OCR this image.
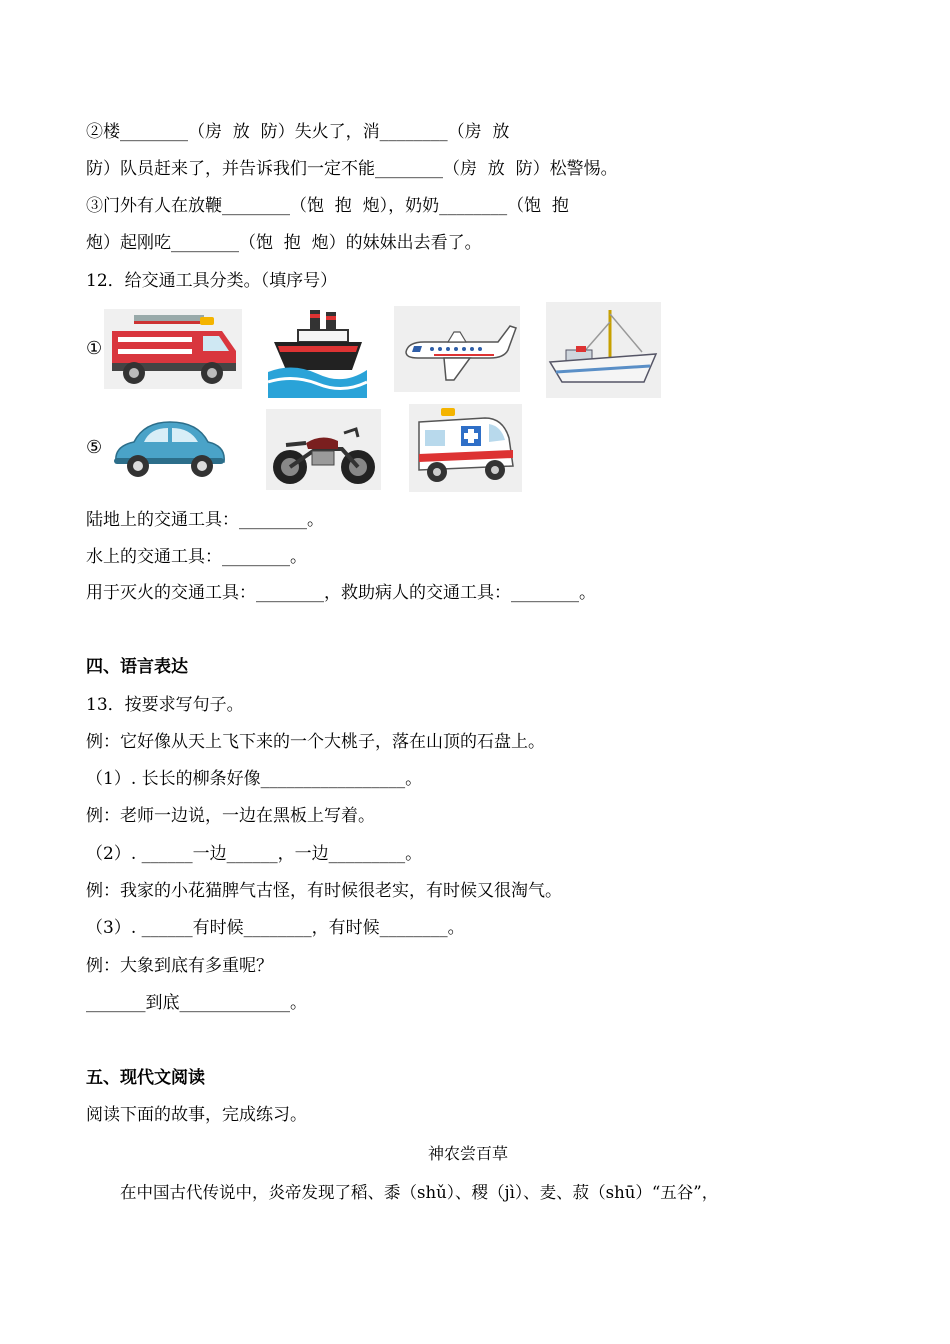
②楼________（房  放  防）失火了，消________（房  放
防）队员赶来了，并告诉我们一定不能________（房  放  防）松警惕。
③门外有人在放鞭________（饱  抱  炮），奶奶________（饱  抱
炮）起刚吃________（饱  抱  炮）的妹妹出去看了。
12．给交通工具分类。（填序号）
①
⑤
陆地上的交通工具：________。
水上的交通工具：________。
用于灭火的交通工具：________，救助病人的交通工具：________。
四、语言表达
13．按要求写句子。
例：它好像从天上飞下来的一个大桃子，落在山顶的石盘上。
（1）. 长长的柳条好像_________________。
例：老师一边说，一边在黑板上写着。
（2）. ______一边______，一边_________。
例：我家的小花猫脾气古怪，有时候很老实，有时候又很淘气。
（3）. ______有时候________，有时候________。
例：大象到底有多重呢？
_______到底_____________。
五、现代文阅读
阅读下面的故事，完成练习。
神农尝百草
在中国古代传说中，炎帝发现了稻、黍（shǔ）、稷（jì）、麦、菽（shū）“五谷”，
